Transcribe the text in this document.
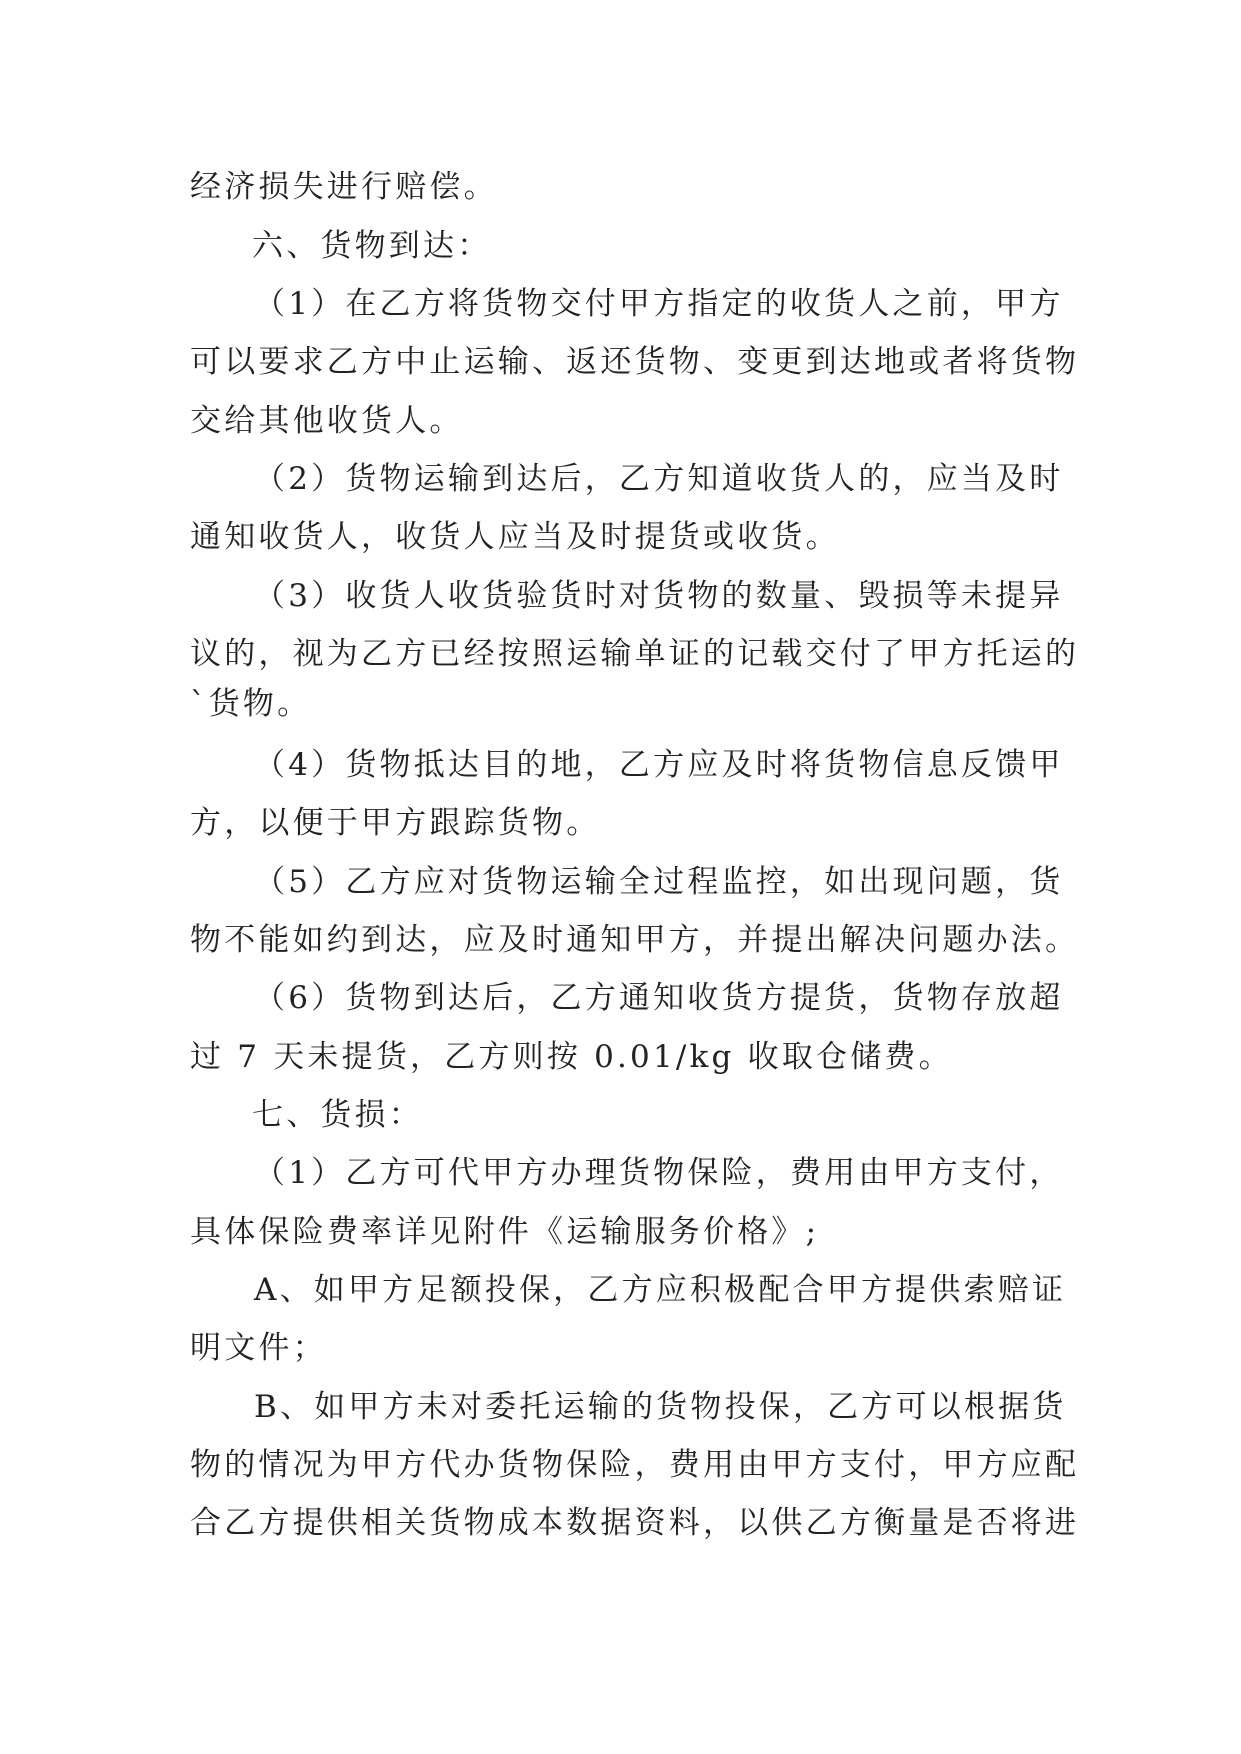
经济损失进行赔偿。
六、货物到达：
（1）在乙方将货物交付甲方指定的收货人之前，甲方
可以要求乙方中止运输、返还货物、变更到达地或者将货物
交给其他收货人。
（2）货物运输到达后，乙方知道收货人的，应当及时
通知收货人，收货人应当及时提货或收货。
（3）收货人收货验货时对货物的数量、毁损等未提异
议的，视为乙方已经按照运输单证的记载交付了甲方托运的
`货物。
（4）货物抵达目的地，乙方应及时将货物信息反馈甲
方，以便于甲方跟踪货物。
（5）乙方应对货物运输全过程监控，如出现问题，货
物不能如约到达，应及时通知甲方，并提出解决问题办法。
（6）货物到达后，乙方通知收货方提货，货物存放超
过 7 天未提货，乙方则按 0.01/kg 收取仓储费。
七、货损：
（1）乙方可代甲方办理货物保险，费用由甲方支付，
具体保险费率详见附件《运输服务价格》;
A、如甲方足额投保，乙方应积极配合甲方提供索赔证
明文件；
B、如甲方未对委托运输的货物投保，乙方可以根据货
物的情况为甲方代办货物保险，费用由甲方支付，甲方应配
合乙方提供相关货物成本数据资料，以供乙方衡量是否将进
